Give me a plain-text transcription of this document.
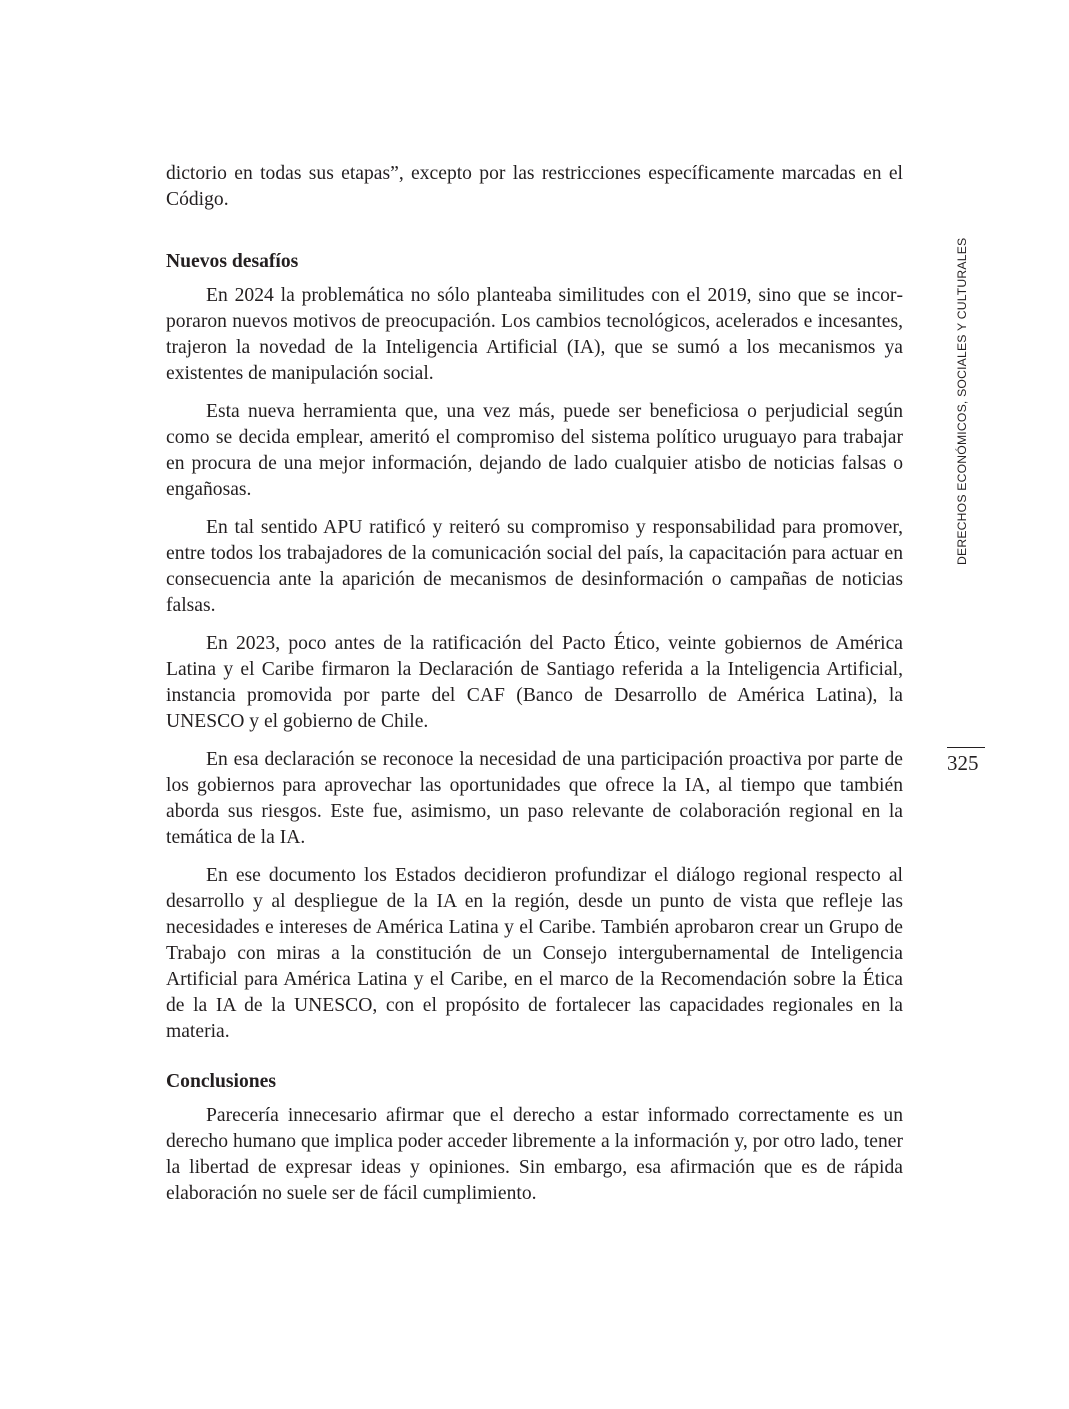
dictorio en todas sus etapas”, excepto por las restricciones específicamente marcadas en el Código.

Nuevos desafíos

En 2024 la problemática no sólo planteaba similitudes con el 2019, sino que se incorporaron nuevos motivos de preocupación. Los cambios tecnológicos, acelerados e incesantes, trajeron la novedad de la Inteligencia Artificial (IA), que se sumó a los mecanismos ya existentes de manipulación social.

Esta nueva herramienta que, una vez más, puede ser beneficiosa o perjudicial según como se decida emplear, ameritó el compromiso del sistema político uruguayo para trabajar en procura de una mejor información, dejando de lado cualquier atisbo de noticias falsas o engañosas.

En tal sentido APU ratificó y reiteró su compromiso y responsabilidad para promover, entre todos los trabajadores de la comunicación social del país, la capacitación para actuar en consecuencia ante la aparición de mecanismos de desinformación o campañas de noticias falsas.

En 2023, poco antes de la ratificación del Pacto Ético, veinte gobiernos de América Latina y el Caribe firmaron la Declaración de Santiago referida a la Inteligencia Artificial, instancia promovida por parte del CAF (Banco de Desarrollo de América Latina), la UNESCO y el gobierno de Chile.

En esa declaración se reconoce la necesidad de una participación proactiva por parte de los gobiernos para aprovechar las oportunidades que ofrece la IA, al tiempo que también aborda sus riesgos. Este fue, asimismo, un paso relevante de colaboración regional en la temática de la IA.

En ese documento los Estados decidieron profundizar el diálogo regional respecto al desarrollo y al despliegue de la IA en la región, desde un punto de vista que refleje las necesidades e intereses de América Latina y el Caribe. También aprobaron crear un Grupo de Trabajo con miras a la constitución de un Consejo intergubernamental de Inteligencia Artificial para América Latina y el Caribe, en el marco de la Recomendación sobre la Ética de la IA de la UNESCO, con el propósito de fortalecer las capacidades regionales en la materia.

Conclusiones

Parecería innecesario afirmar que el derecho a estar informado correctamente es un derecho humano que implica poder acceder libremente a la información y, por otro lado, tener la libertad de expresar ideas y opiniones. Sin embargo, esa afirmación que es de rápida elaboración no suele ser de fácil cumplimiento.

DERECHOS ECONÓMICOS, SOCIALES Y CULTURALES
325
